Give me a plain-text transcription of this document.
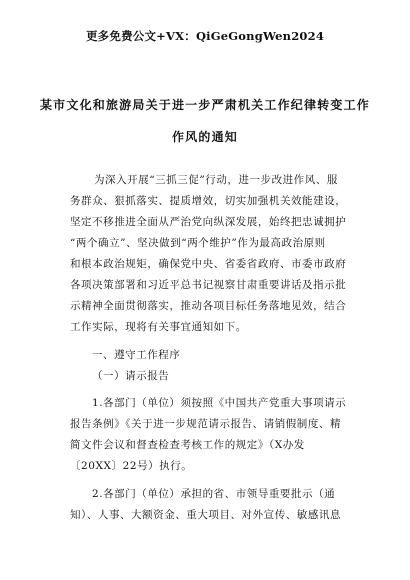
更多免费公文+VX：QiGeGongWen2024
某市文化和旅游局关于进一步严肃机关工作纪律转变工作
作风的通知
为深入开展“三抓三促”行动，进一步改进作风、服
务群众、狠抓落实、提质增效，切实加强机关效能建设，
坚定不移推进全面从严治党向纵深发展，始终把忠诚拥护
“两个确立”、坚决做到“两个维护”作为最高政治原则
和根本政治规矩，确保党中央、省委省政府、市委市政府
各项决策部署和习近平总书记视察甘肃重要讲话及指示批
示精神全面贯彻落实，推动各项目标任务落地见效，结合
工作实际，现将有关事宜通知如下。
一、遵守工作程序
（一）请示报告
1.各部门（单位）须按照《中国共产党重大事项请示
报告条例》《关于进一步规范请示报告、请销假制度、精
简文件会议和督查检查考核工作的规定》（X办发
〔20XX〕22号）执行。
2.各部门（单位）承担的省、市领导重要批示（通
知）、人事、大额资金、重大项目、对外宣传、敏感讯息
